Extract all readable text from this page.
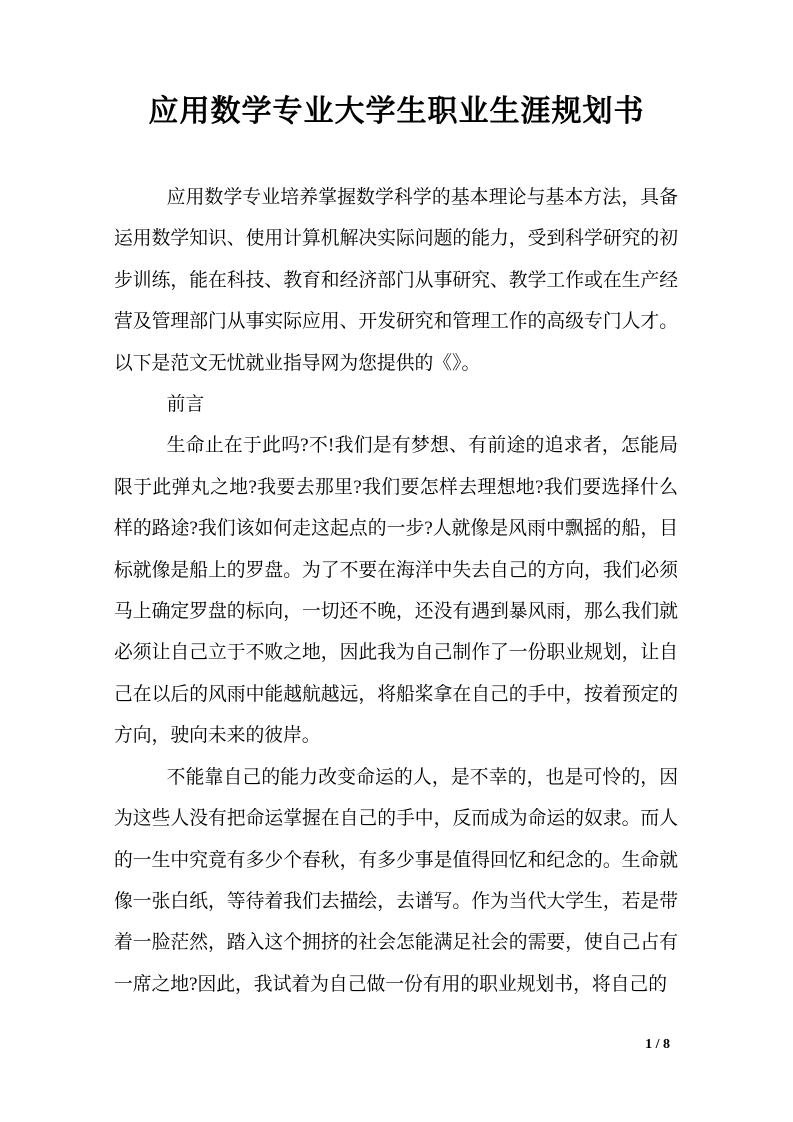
应用数学专业大学生职业生涯规划书

应用数学专业培养掌握数学科学的基本理论与基本方法，具备运用数学知识、使用计算机解决实际问题的能力，受到科学研究的初步训练，能在科技、教育和经济部门从事研究、教学工作或在生产经营及管理部门从事实际应用、开发研究和管理工作的高级专门人才。以下是范文无忧就业指导网为您提供的《》。

前言

生命止在于此吗?不!我们是有梦想、有前途的追求者，怎能局限于此弹丸之地?我要去那里?我们要怎样去理想地?我们要选择什么样的路途?我们该如何走这起点的一步?人就像是风雨中飘摇的船，目标就像是船上的罗盘。为了不要在海洋中失去自己的方向，我们必须马上确定罗盘的标向，一切还不晚，还没有遇到暴风雨，那么我们就必须让自己立于不败之地，因此我为自己制作了一份职业规划，让自己在以后的风雨中能越航越远，将船桨拿在自己的手中，按着预定的方向，驶向未来的彼岸。

不能靠自己的能力改变命运的人，是不幸的，也是可怜的，因为这些人没有把命运掌握在自己的手中，反而成为命运的奴隶。而人的一生中究竟有多少个春秋，有多少事是值得回忆和纪念的。生命就像一张白纸，等待着我们去描绘，去谱写。作为当代大学生，若是带着一脸茫然，踏入这个拥挤的社会怎能满足社会的需要，使自己占有一席之地?因此，我试着为自己做一份有用的职业规划书，将自己的

1 / 8
